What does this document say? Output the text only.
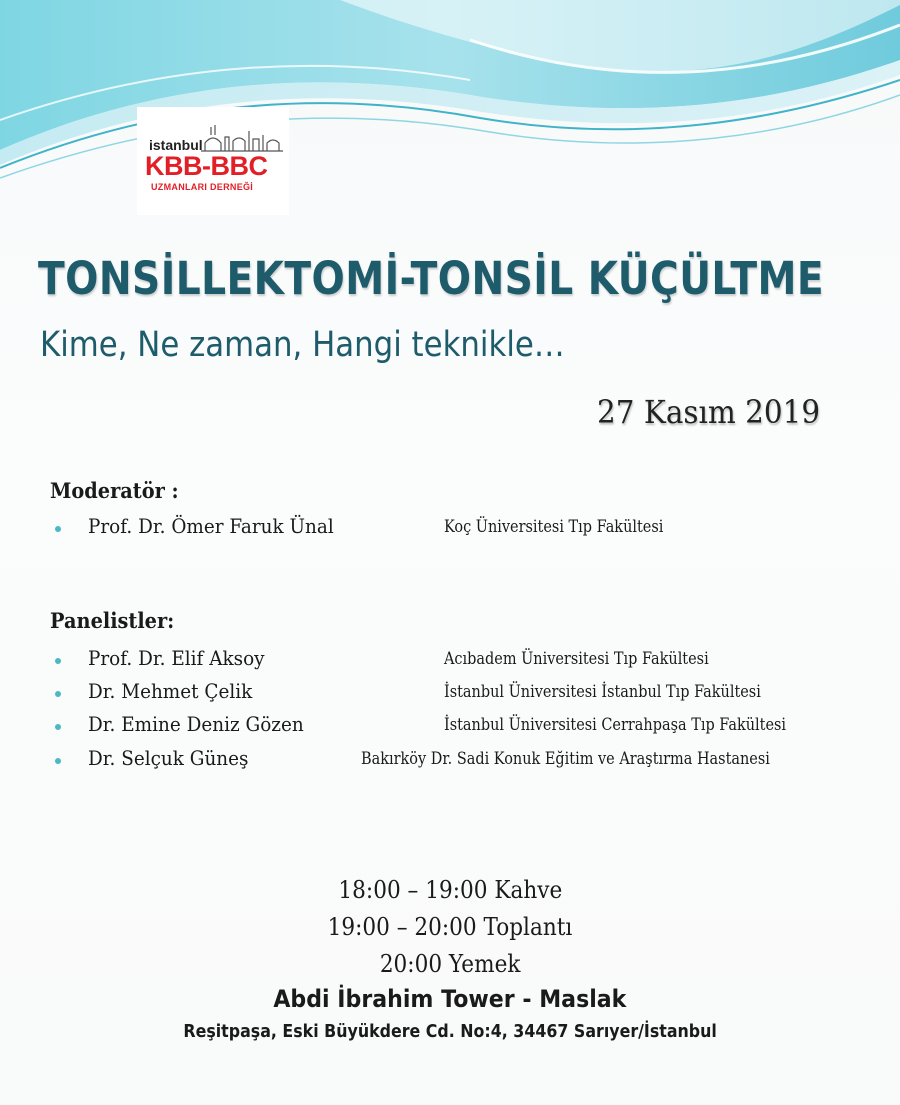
istanbul
KBB-BBC
UZMANLARI DERNEĞİ
TONSİLLEKTOMİ-TONSİL KÜÇÜLTME
Kime, Ne zaman, Hangi teknikle…
27 Kasım 2019
Moderatör :
Prof. Dr. Ömer Faruk Ünal	Koç Üniversitesi Tıp Fakültesi
Panelistler:
Prof. Dr. Elif Aksoy	Acıbadem Üniversitesi Tıp Fakültesi
Dr. Mehmet Çelik	İstanbul Üniversitesi İstanbul Tıp Fakültesi
Dr. Emine Deniz Gözen	İstanbul Üniversitesi Cerrahpaşa Tıp Fakültesi
Dr. Selçuk Güneş	Bakırköy Dr. Sadi Konuk Eğitim ve Araştırma Hastanesi
18:00 – 19:00 Kahve
19:00 – 20:00 Toplantı
20:00 Yemek
Abdi İbrahim Tower - Maslak
Reşitpaşa, Eski Büyükdere Cd. No:4, 34467 Sarıyer/İstanbul
